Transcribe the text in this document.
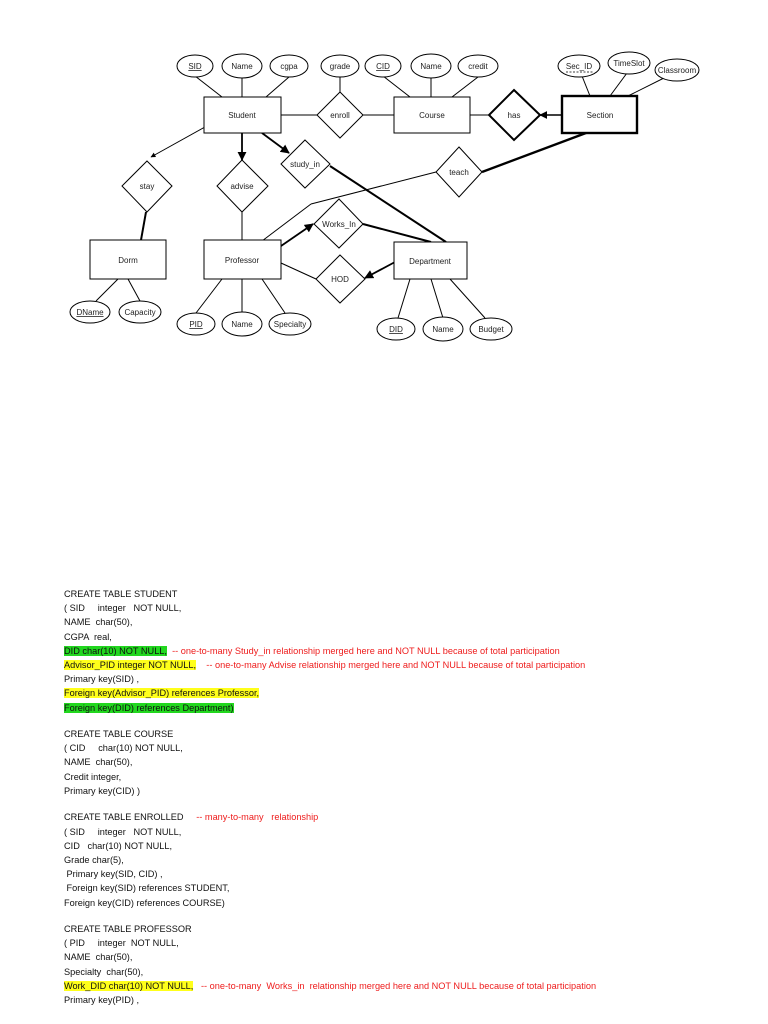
Student	Course	Section
Dorm	Professor	Department
enroll	has
stay	advise
study_in
teach
Works_In
HOD
SID	Name	cgpa	grade	CID	Name	credit	Sec_ID	TimeSlot
Classroom
DName	Capacity
PID	Name	Specialty
DID	Name	Budget
CREATE TABLE STUDENT
( SID     integer   NOT NULL,
NAME  char(50),
CGPA  real,
DID char(10) NOT NULL,  -- one-to-many Study_in relationship merged here and NOT NULL because of total participation
Advisor_PID integer NOT NULL,    -- one-to-many Advise relationship merged here and NOT NULL because of total participation
Primary key(SID) ,
Foreign key(Advisor_PID) references Professor,
Foreign key(DID) references Department)
CREATE TABLE COURSE
( CID     char(10) NOT NULL,
NAME  char(50),
Credit integer,
Primary key(CID) )
CREATE TABLE ENROLLED     -- many-to-many   relationship
( SID     integer   NOT NULL,
CID   char(10) NOT NULL,
Grade char(5),
Primary key(SID, CID) ,
Foreign key(SID) references STUDENT,
Foreign key(CID) references COURSE)
CREATE TABLE PROFESSOR
( PID     integer  NOT NULL,
NAME  char(50),
Specialty  char(50),
Work_DID char(10) NOT NULL,   -- one-to-many  Works_in  relationship merged here and NOT NULL because of total participation
Primary key(PID) ,
